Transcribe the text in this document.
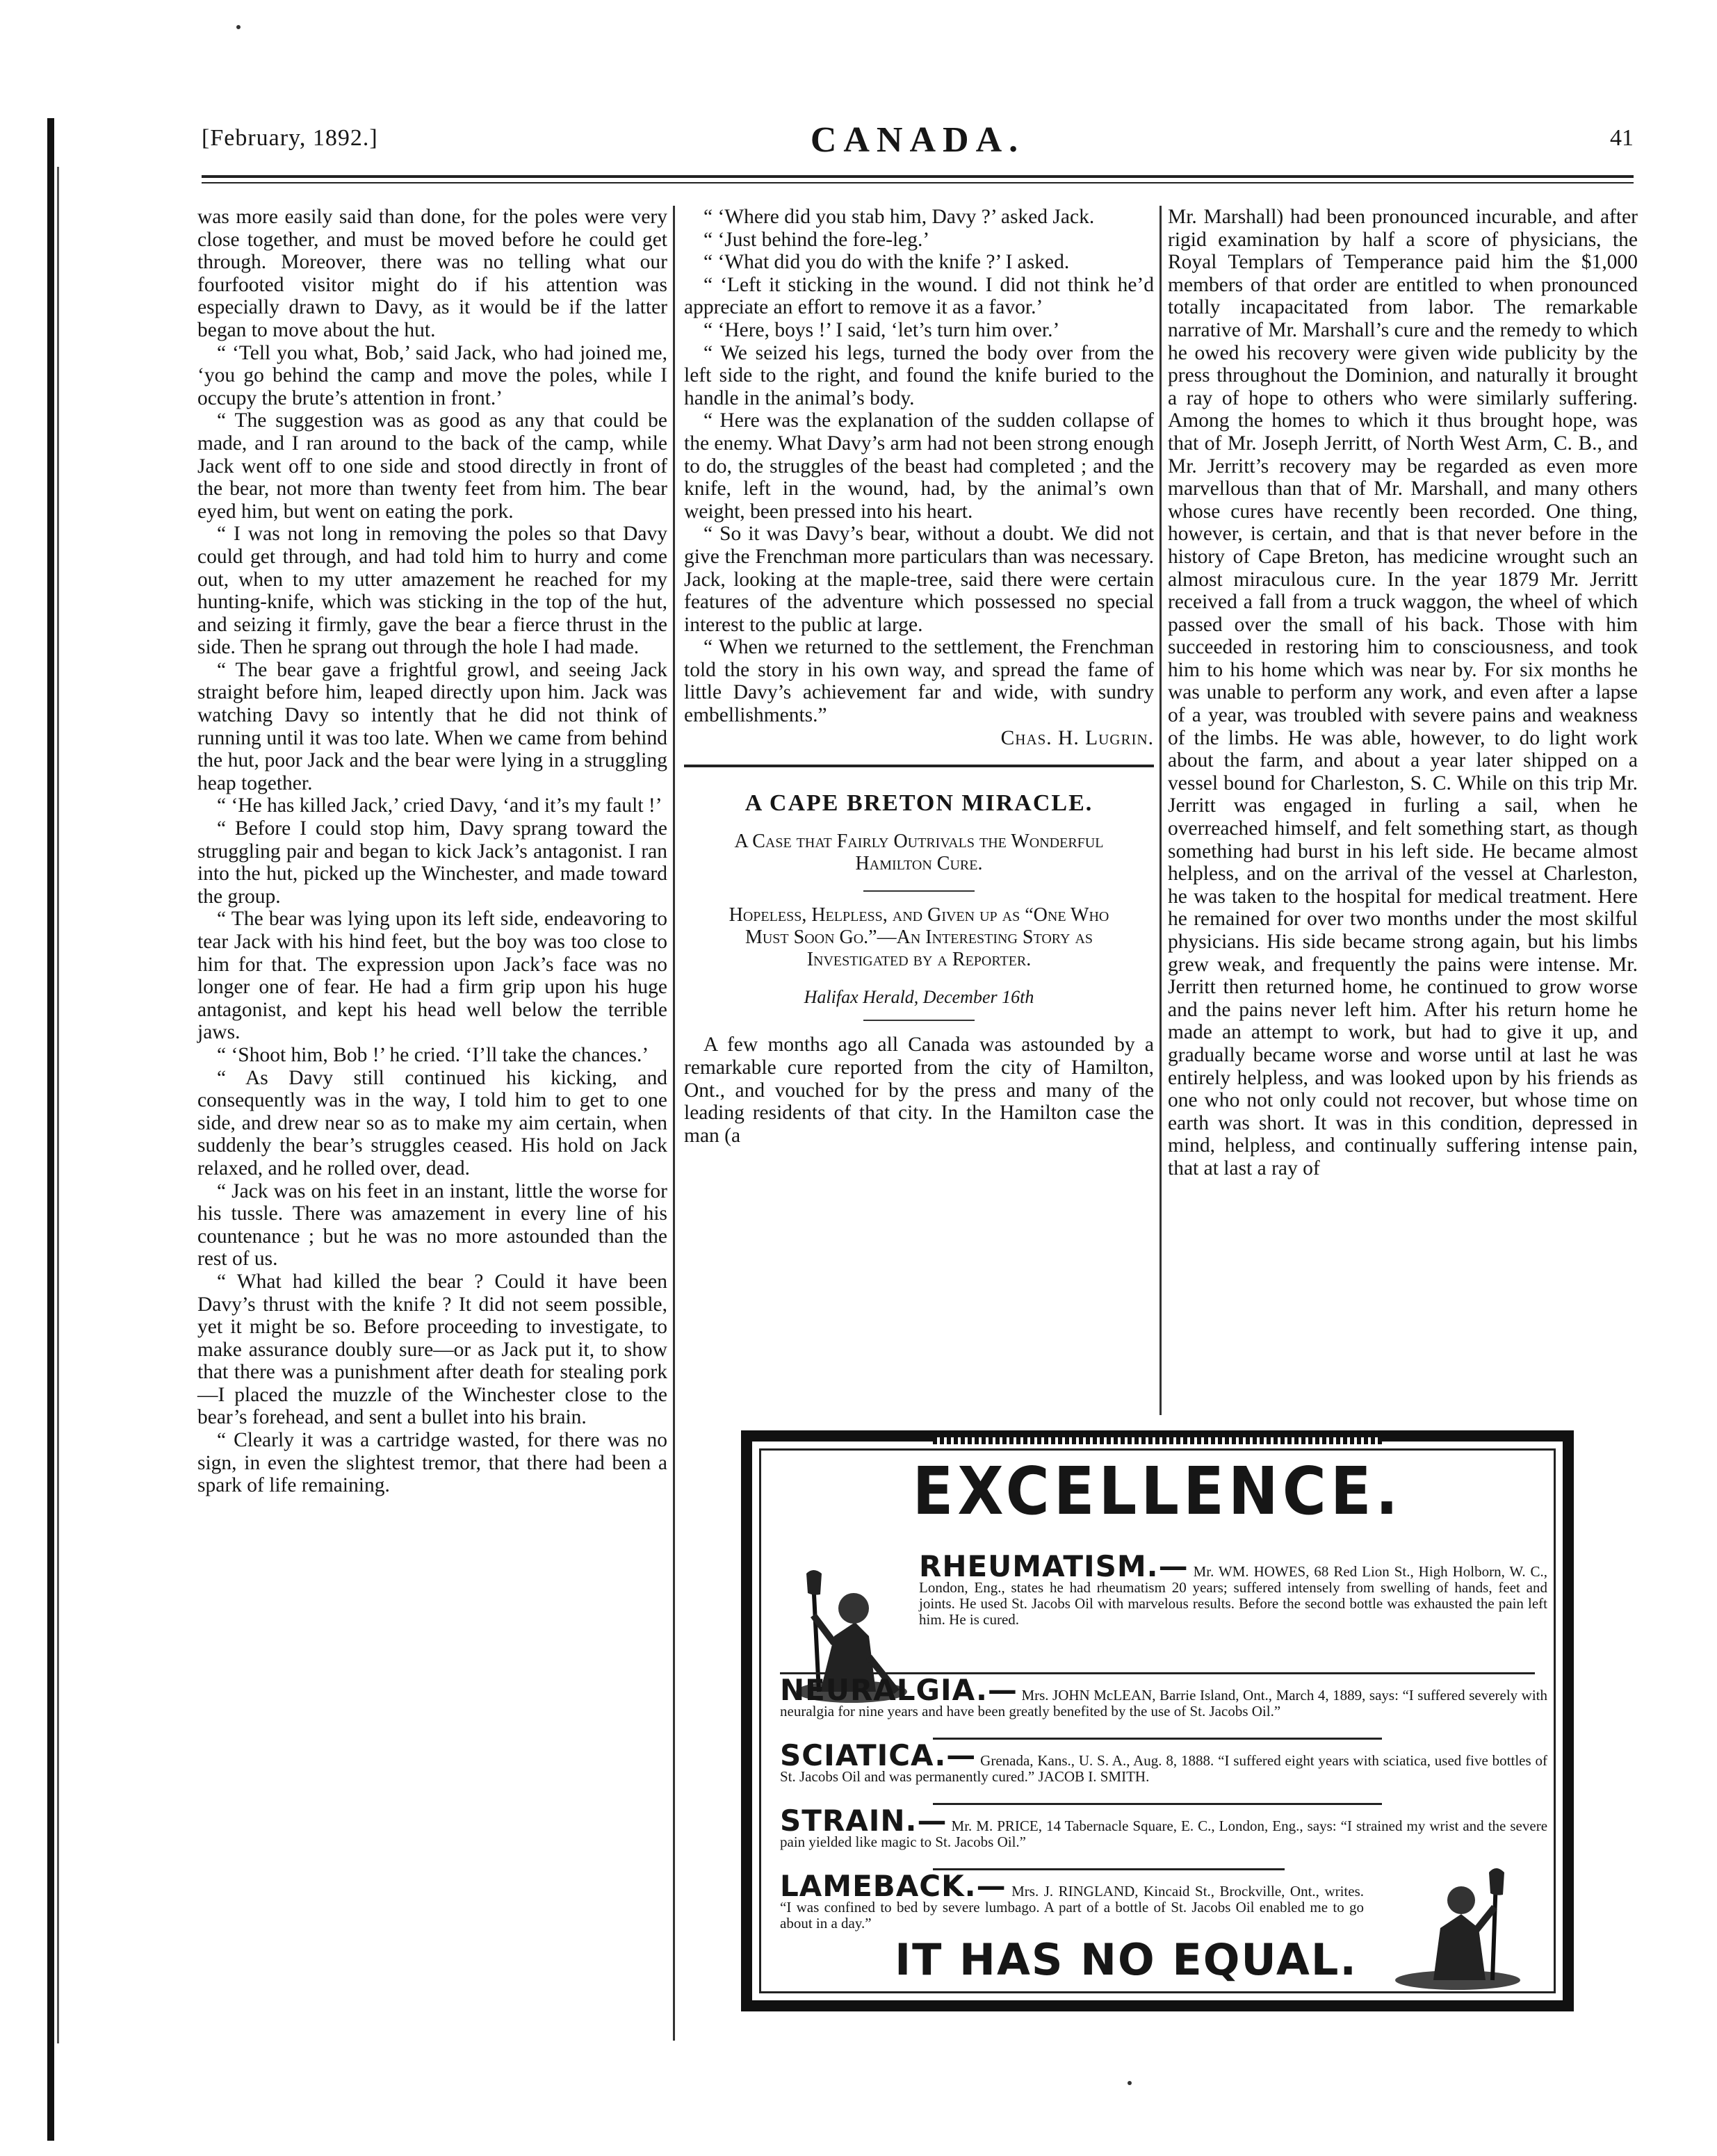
[February, 1892.]	CANADA.	41

was more easily said than done, for the poles were very close together, and must be moved before he could get through. Moreover, there was no telling what our fourfooted visitor might do if his attention was especially drawn to Davy, as it would be if the latter began to move about the hut.

“ ‘Tell you what, Bob,’ said Jack, who had joined me, ‘you go behind the camp and move the poles, while I occupy the brute’s attention in front.’

“ The suggestion was as good as any that could be made, and I ran around to the back of the camp, while Jack went off to one side and stood directly in front of the bear, not more than twenty feet from him. The bear eyed him, but went on eating the pork.

“ I was not long in removing the poles so that Davy could get through, and had told him to hurry and come out, when to my utter amazement he reached for my hunting-knife, which was sticking in the top of the hut, and seizing it firmly, gave the bear a fierce thrust in the side. Then he sprang out through the hole I had made.

“ The bear gave a frightful growl, and seeing Jack straight before him, leaped directly upon him. Jack was watching Davy so intently that he did not think of running until it was too late. When we came from behind the hut, poor Jack and the bear were lying in a struggling heap together.

“ ‘He has killed Jack,’ cried Davy, ‘and it’s my fault !’

“ Before I could stop him, Davy sprang toward the struggling pair and began to kick Jack’s antagonist. I ran into the hut, picked up the Winchester, and made toward the group.

“ The bear was lying upon its left side, endeavoring to tear Jack with his hind feet, but the boy was too close to him for that. The expression upon Jack’s face was no longer one of fear. He had a firm grip upon his huge antagonist, and kept his head well below the terrible jaws.

“ ‘Shoot him, Bob !’ he cried. ‘I’ll take the chances.’

“ As Davy still continued his kicking, and consequently was in the way, I told him to get to one side, and drew near so as to make my aim certain, when suddenly the bear’s struggles ceased. His hold on Jack relaxed, and he rolled over, dead.

“ Jack was on his feet in an instant, little the worse for his tussle. There was amazement in every line of his countenance ; but he was no more astounded than the rest of us.

“ What had killed the bear ? Could it have been Davy’s thrust with the knife ? It did not seem possible, yet it might be so. Before proceeding to investigate, to make assurance doubly sure—or as Jack put it, to show that there was a punishment after death for stealing pork—I placed the muzzle of the Winchester close to the bear’s forehead, and sent a bullet into his brain.

“ Clearly it was a cartridge wasted, for there was no sign, in even the slightest tremor, that there had been a spark of life remaining.

“ ‘Where did you stab him, Davy ?’ asked Jack.

“ ‘Just behind the fore-leg.’

“ ‘What did you do with the knife ?’ I asked.

“ ‘Left it sticking in the wound. I did not think he’d appreciate an effort to remove it as a favor.’

“ ‘Here, boys !’ I said, ‘let’s turn him over.’

“ We seized his legs, turned the body over from the left side to the right, and found the knife buried to the handle in the animal’s body.

“ Here was the explanation of the sudden collapse of the enemy. What Davy’s arm had not been strong enough to do, the struggles of the beast had completed ; and the knife, left in the wound, had, by the animal’s own weight, been pressed into his heart.

“ So it was Davy’s bear, without a doubt. We did not give the Frenchman more particulars than was necessary. Jack, looking at the maple-tree, said there were certain features of the adventure which possessed no special interest to the public at large.

“ When we returned to the settlement, the Frenchman told the story in his own way, and spread the fame of little Davy’s achievement far and wide, with sundry embellishments.”

Chas. H. Lugrin.
A CAPE BRETON MIRACLE.
A Case that Fairly Outrivals the Wonderful Hamilton Cure.
Hopeless, Helpless, and Given up as “One Who Must Soon Go.”—An Interesting Story as Investigated by a Reporter.
Halifax Herald, December 16th

A few months ago all Canada was astounded by a remarkable cure reported from the city of Hamilton, Ont., and vouched for by the press and many of the leading residents of that city. In the Hamilton case the man (a

Mr. Marshall) had been pronounced incurable, and after rigid examination by half a score of physicians, the Royal Templars of Temperance paid him the $1,000 members of that order are entitled to when pronounced totally incapacitated from labor. The remarkable narrative of Mr. Marshall’s cure and the remedy to which he owed his recovery were given wide publicity by the press throughout the Dominion, and naturally it brought a ray of hope to others who were similarly suffering. Among the homes to which it thus brought hope, was that of Mr. Joseph Jerritt, of North West Arm, C. B., and Mr. Jerritt’s recovery may be regarded as even more marvellous than that of Mr. Marshall, and many others whose cures have recently been recorded. One thing, however, is certain, and that is that never before in the history of Cape Breton, has medicine wrought such an almost miraculous cure. In the year 1879 Mr. Jerritt received a fall from a truck waggon, the wheel of which passed over the small of his back. Those with him succeeded in restoring him to consciousness, and took him to his home which was near by. For six months he was unable to perform any work, and even after a lapse of a year, was troubled with severe pains and weakness of the limbs. He was able, however, to do light work about the farm, and about a year later shipped on a vessel bound for Charleston, S. C. While on this trip Mr. Jerritt was engaged in furling a sail, when he overreached himself, and felt something start, as though something had burst in his left side. He became almost helpless, and on the arrival of the vessel at Charleston, he was taken to the hospital for medical treatment. Here he remained for over two months under the most skilful physicians. His side became strong again, but his limbs grew weak, and frequently the pains were intense. Mr. Jerritt then returned home, he continued to grow worse and the pains never left him. After his return home he made an attempt to work, but had to give it up, and gradually became worse and worse until at last he was entirely helpless, and was looked upon by his friends as one who not only could not recover, but whose time on earth was short. It was in this condition, depressed in mind, helpless, and continually suffering intense pain, that at last a ray of

EXCELLENCE.
RHEUMATISM.— Mr. WM. HOWES, 68 Red Lion St., High Holborn, W. C., London, Eng., states he had rheumatism 20 years; suffered intensely from swelling of hands, feet and joints. He used St. Jacobs Oil with marvelous results. Before the second bottle was exhausted the pain left him. He is cured.
NEURALGIA.— Mrs. JOHN McLEAN, Barrie Island, Ont., March 4, 1889, says: “I suffered severely with neuralgia for nine years and have been greatly benefited by the use of St. Jacobs Oil.”
SCIATICA.— Grenada, Kans., U. S. A., Aug. 8, 1888. “I suffered eight years with sciatica, used five bottles of St. Jacobs Oil and was permanently cured.” JACOB I. SMITH.
STRAIN.— Mr. M. PRICE, 14 Tabernacle Square, E. C., London, Eng., says: “I strained my wrist and the severe pain yielded like magic to St. Jacobs Oil.”
LAMEBACK.— Mrs. J. RINGLAND, Kincaid St., Brockville, Ont., writes. “I was confined to bed by severe lumbago. A part of a bottle of St. Jacobs Oil enabled me to go about in a day.”
IT HAS NO EQUAL.
